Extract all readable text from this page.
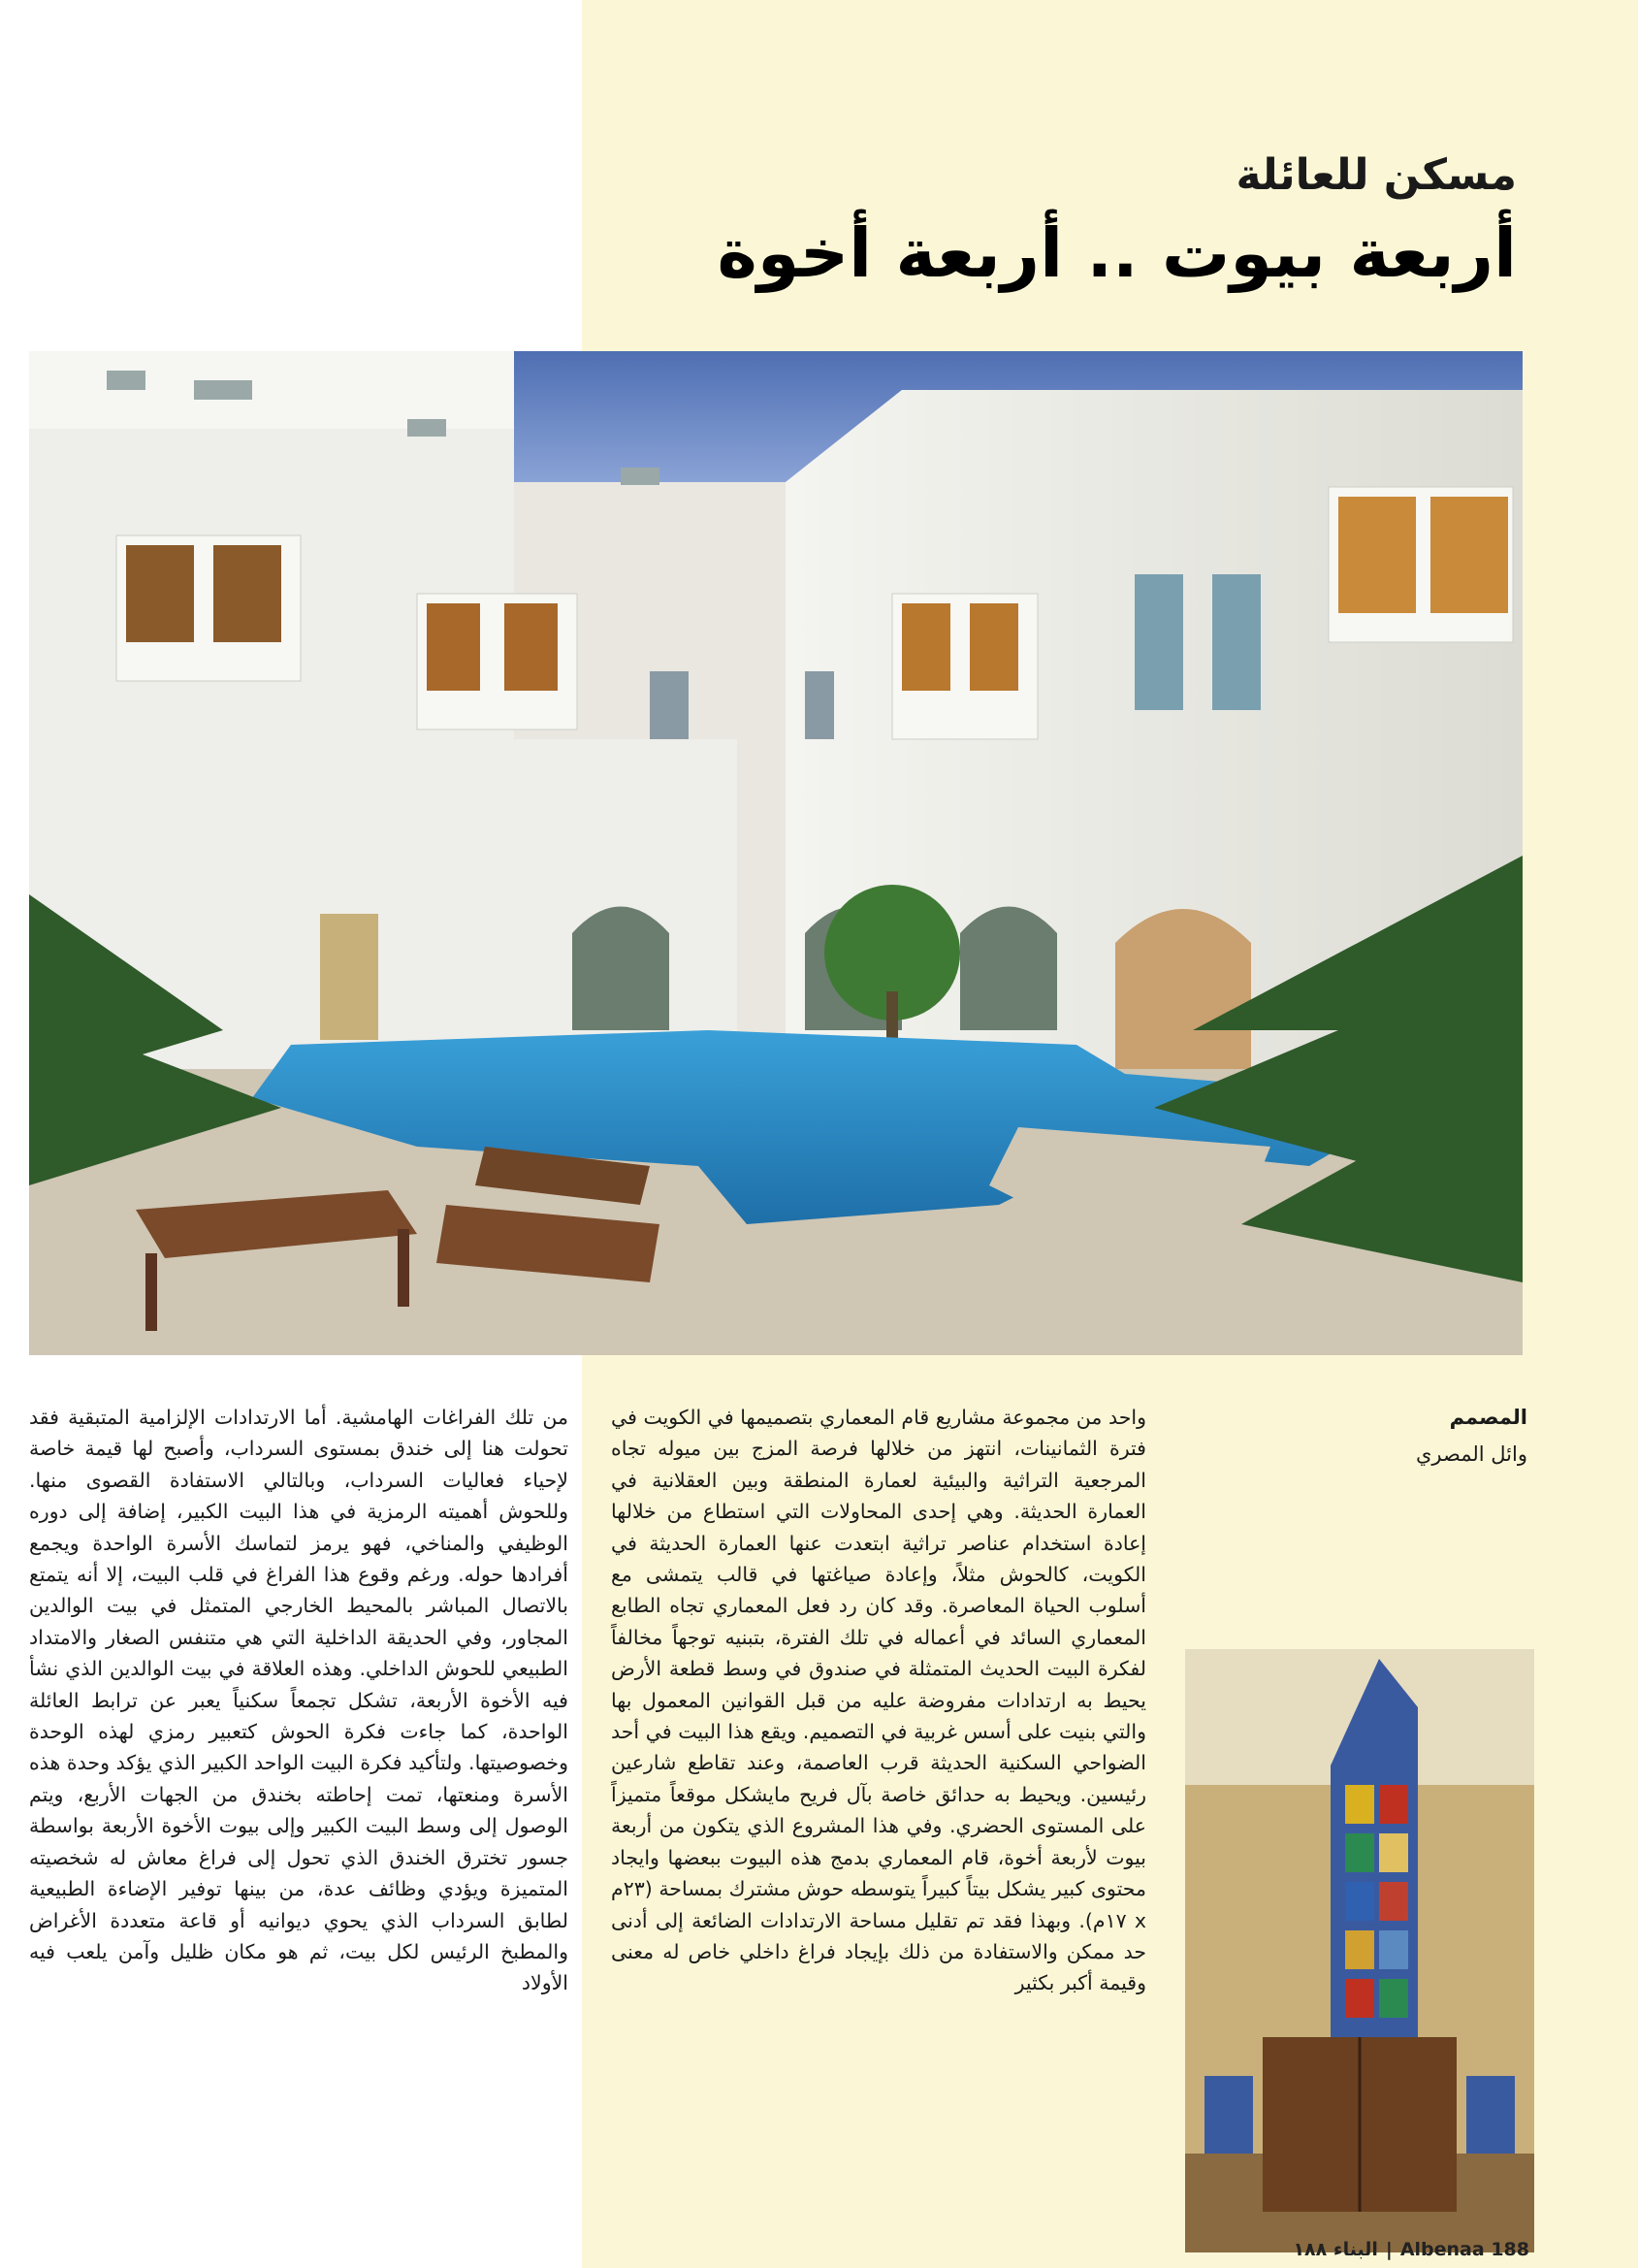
مسكن للعائلة

أربعة بيوت .. أربعة أخوة

المصمم

وائل المصري

واحد من مجموعة مشاريع قام المعماري بتصميمها في الكويت في فترة الثمانينات، انتهز من خلالها فرصة المزج بين ميوله تجاه المرجعية التراثية والبيئية لعمارة المنطقة وبين العقلانية في العمارة الحديثة. وهي إحدى المحاولات التي استطاع من خلالها إعادة استخدام عناصر تراثية ابتعدت عنها العمارة الحديثة في الكويت، كالحوش مثلاً، وإعادة صياغتها في قالب يتمشى مع أسلوب الحياة المعاصرة. وقد كان رد فعل المعماري تجاه الطابع المعماري السائد في أعماله في تلك الفترة، بتبنيه توجهاً مخالفاً لفكرة البيت الحديث المتمثلة في صندوق في وسط قطعة الأرض يحيط به ارتدادات مفروضة عليه من قبل القوانين المعمول بها والتي بنيت على أسس غربية في التصميم. ويقع هذا البيت في أحد الضواحي السكنية الحديثة قرب العاصمة، وعند تقاطع شارعين رئيسين. ويحيط به حدائق خاصة بآل فريح مايشكل موقعاً متميزاً على المستوى الحضري. وفي هذا المشروع الذي يتكون من أربعة بيوت لأربعة أخوة، قام المعماري بدمج هذه البيوت ببعضها وايجاد محتوى كبير يشكل بيتاً كبيراً يتوسطه حوش مشترك بمساحة (٢٣م x ١٧م). وبهذا فقد تم تقليل مساحة الارتدادات الضائعة إلى أدنى حد ممكن والاستفادة من ذلك بإيجاد فراغ داخلي خاص له معنى وقيمة أكبر بكثير
من تلك الفراغات الهامشية. أما الارتدادات الإلزامية المتبقية فقد تحولت هنا إلى خندق بمستوى السرداب، وأصبح لها قيمة خاصة لإحياء فعاليات السرداب، وبالتالي الاستفادة القصوى منها. وللحوش أهميته الرمزية في هذا البيت الكبير، إضافة إلى دوره الوظيفي والمناخي، فهو يرمز لتماسك الأسرة الواحدة ويجمع أفرادها حوله. ورغم وقوع هذا الفراغ في قلب البيت، إلا أنه يتمتع بالاتصال المباشر بالمحيط الخارجي المتمثل في بيت الوالدين المجاور، وفي الحديقة الداخلية التي هي متنفس الصغار والامتداد الطبيعي للحوش الداخلي. وهذه العلاقة في بيت الوالدين الذي نشأ فيه الأخوة الأربعة، تشكل تجمعاً سكنياً يعبر عن ترابط العائلة الواحدة، كما جاءت فكرة الحوش كتعبير رمزي لهذه الوحدة وخصوصيتها. ولتأكيد فكرة البيت الواحد الكبير الذي يؤكد وحدة هذه الأسرة ومنعتها، تمت إحاطته بخندق من الجهات الأربع، ويتم الوصول إلى وسط البيت الكبير وإلى بيوت الأخوة الأربعة بواسطة جسور تخترق الخندق الذي تحول إلى فراغ معاش له شخصيته المتميزة ويؤدي وظائف عدة، من بينها توفير الإضاءة الطبيعية لطابق السرداب الذي يحوي ديوانيه أو قاعة متعددة الأغراض والمطبخ الرئيس لكل بيت، ثم هو مكان ظليل وآمن يلعب فيه الأولاد
188 Albenaa|البناء ١٨٨
